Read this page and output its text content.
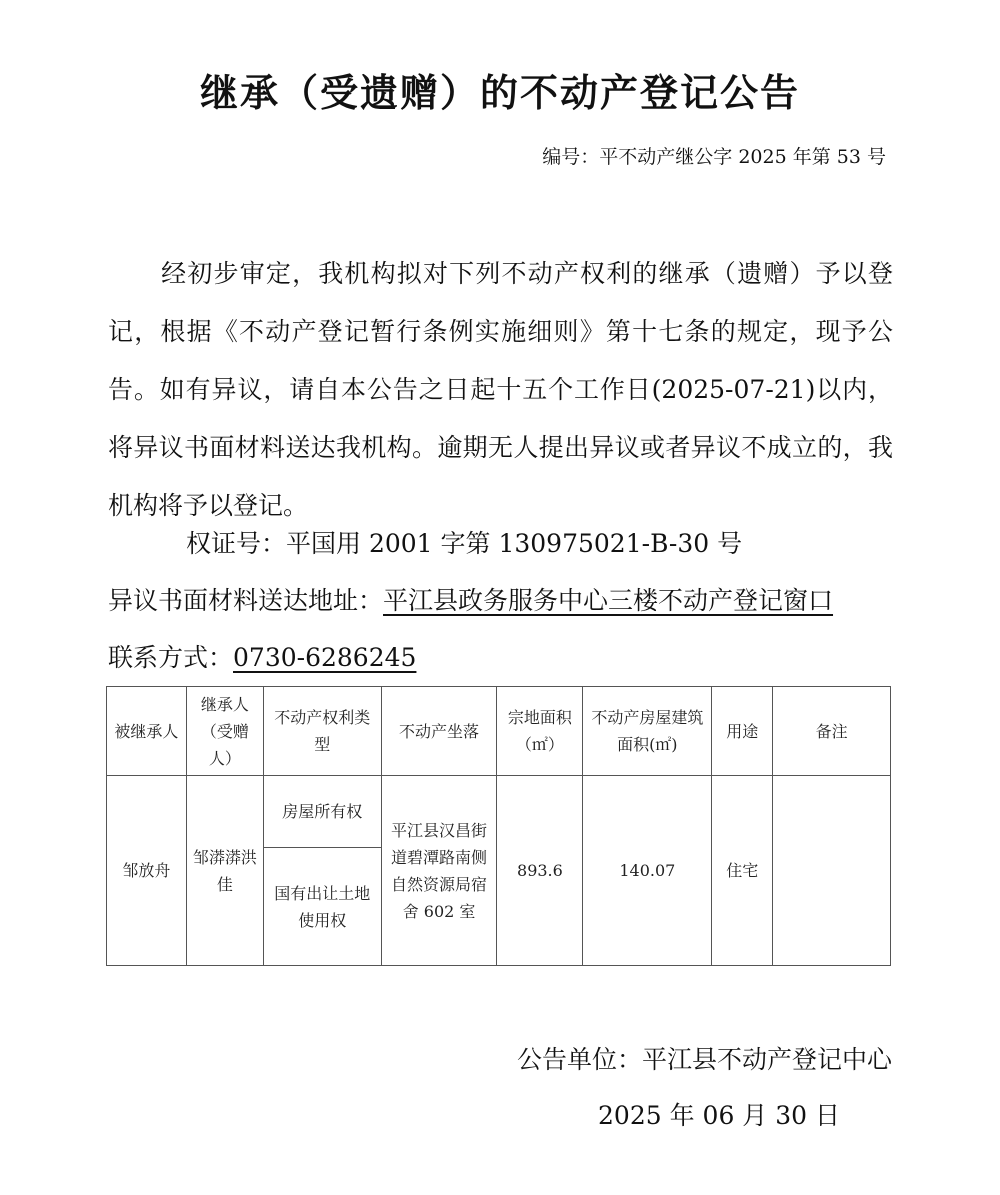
继承（受遗赠）的不动产登记公告
编号：平不动产继公字 2025 年第 53 号

经初步审定，我机构拟对下列不动产权利的继承（遗赠）予以登记，根据《不动产登记暂行条例实施细则》第十七条的规定，现予公告。如有异议，请自本公告之日起十五个工作日(2025-07-21)以内，将异议书面材料送达我机构。逾期无人提出异议或者异议不成立的，我机构将予以登记。

权证号：平国用 2001 字第 130975021-B-30 号
异议书面材料送达地址：平江县政务服务中心三楼不动产登记窗口
联系方式：0730-6286245
被继承人	继承人（受赠人）	不动产权利类　型	不动产坐落	宗地面积（㎡）	不动产房屋建筑面积(㎡)	用途	备注
邹放舟	邹漭漭洪佳	房屋所有权	平江县汉昌街道碧潭路南侧自然资源局宿舍 602 室	893.6	140.07	住宅	
		国有出让土地使用权					
公告单位：平江县不动产登记中心
2025 年 06 月 30 日
